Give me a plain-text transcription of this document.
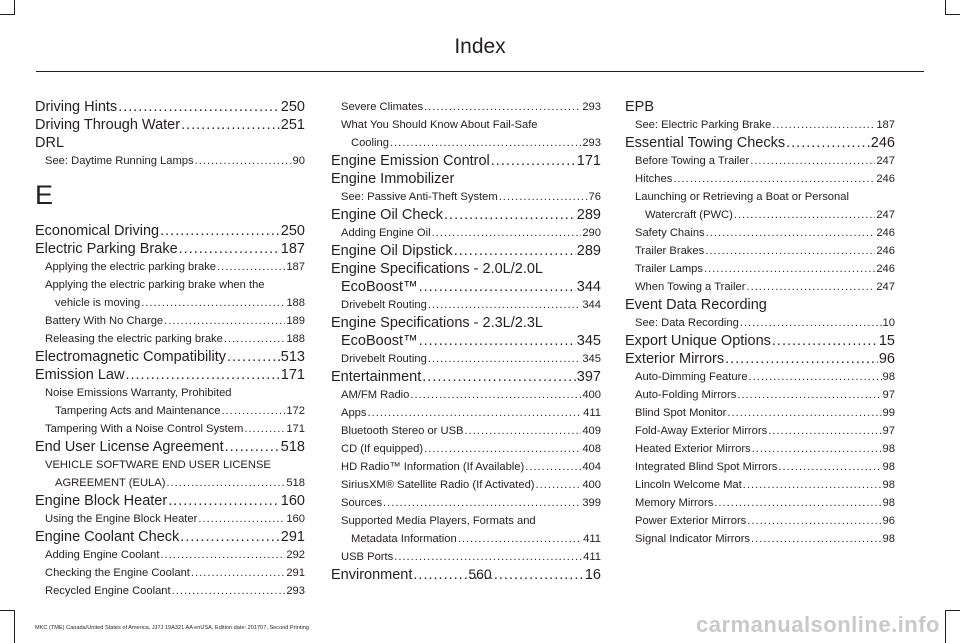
Index
Driving Hints .....	250
Driving Through Water .....	251
DRL
See: Daytime Running Lamps .....	90
E
Economical Driving .....	250
Electric Parking Brake .....	187
Applying the electric parking brake .....	187
Applying the electric parking brake when the
vehicle is moving .....	188
Battery With No Charge .....	189
Releasing the electric parking brake .....	188
Electromagnetic Compatibility .....	513
Emission Law .....	171
Noise Emissions Warranty, Prohibited
Tampering Acts and Maintenance .....	172
Tampering With a Noise Control System .....	171
End User License Agreement .....	518
VEHICLE SOFTWARE END USER LICENSE
AGREEMENT (EULA) .....	518
Engine Block Heater .....	160
Using the Engine Block Heater .....	160
Engine Coolant Check .....	291
Adding Engine Coolant .....	292
Checking the Engine Coolant .....	291
Recycled Engine Coolant .....	293
Severe Climates .....	293
What You Should Know About Fail-Safe
Cooling .....	293
Engine Emission Control .....	171
Engine Immobilizer
See: Passive Anti-Theft System .....	76
Engine Oil Check .....	289
Adding Engine Oil .....	290
Engine Oil Dipstick .....	289
Engine Specifications - 2.0L/2.0L
EcoBoost™ .....	344
Drivebelt Routing .....	344
Engine Specifications - 2.3L/2.3L
EcoBoost™ .....	345
Drivebelt Routing .....	345
Entertainment .....	397
AM/FM Radio .....	400
Apps .....	411
Bluetooth Stereo or USB .....	409
CD (If equipped) .....	408
HD Radio™ Information (If Available) .....	404
SiriusXM® Satellite Radio (If Activated) .....	400
Sources .....	399
Supported Media Players, Formats and
Metadata Information .....	411
USB Ports .....	411
Environment .....	16
EPB
See: Electric Parking Brake .....	187
Essential Towing Checks .....	246
Before Towing a Trailer .....	247
Hitches .....	246
Launching or Retrieving a Boat or Personal
Watercraft (PWC) .....	247
Safety Chains .....	246
Trailer Brakes .....	246
Trailer Lamps .....	246
When Towing a Trailer .....	247
Event Data Recording
See: Data Recording .....	10
Export Unique Options .....	15
Exterior Mirrors .....	96
Auto-Dimming Feature .....	98
Auto-Folding Mirrors .....	97
Blind Spot Monitor .....	99
Fold-Away Exterior Mirrors .....	97
Heated Exterior Mirrors .....	98
Integrated Blind Spot Mirrors .....	98
Lincoln Welcome Mat .....	98
Memory Mirrors .....	98
Power Exterior Mirrors .....	96
Signal Indicator Mirrors .....	98
560
MKC (TME) Canada/United States of America, JJ7J 19A321 AA enUSA, Edition date: 201707, Second Printing	carmanualsonline.info
